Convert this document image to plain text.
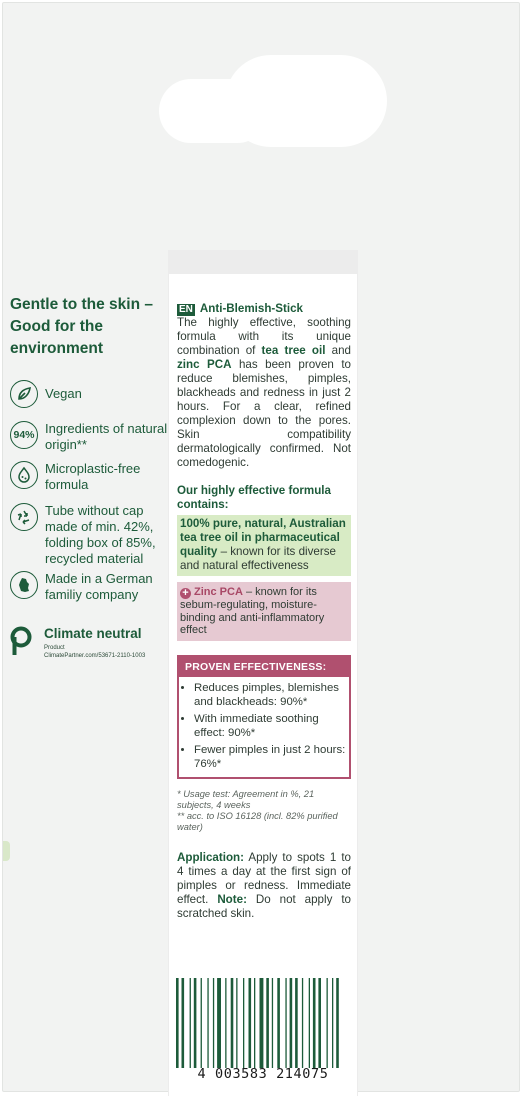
Gentle to the skin – Good for the environment
Vegan
94% Ingredients of natural origin**
Microplastic-free formula
Tube without cap made of min. 42%, folding box of 85%, recycled material
Made in a German familiy company
Climate neutral
Product
ClimatePartner.com/53671-2110-1003

EN Anti-Blemish-Stick

The highly effective, soothing formula with its unique combination of tea tree oil and zinc PCA has been proven to reduce blemishes, pimples, blackheads and redness in just 2 hours. For a clear, refined complexion down to the pores. Skin compatibility dermatologically confirmed. Not comedogenic.

Our highly effective formula contains:
100% pure, natural, Australian tea tree oil in pharmaceutical quality – known for its diverse and natural effectiveness
+ Zinc PCA – known for its sebum-regulating, moisture-binding and anti-inflammatory effect
PROVEN EFFECTIVENESS:
• Reduces pimples, blemishes and blackheads: 90%*
• With immediate soothing effect: 90%*
• Fewer pimples in just 2 hours: 76%*
* Usage test: Agreement in %, 21 subjects, 4 weeks
** acc. to ISO 16128 (incl. 82% purified water)

Application: Apply to spots 1 to 4 times a day at the first sign of pimples or redness. Immediate effect. Note: Do not apply to scratched skin.

4 003583 214075
